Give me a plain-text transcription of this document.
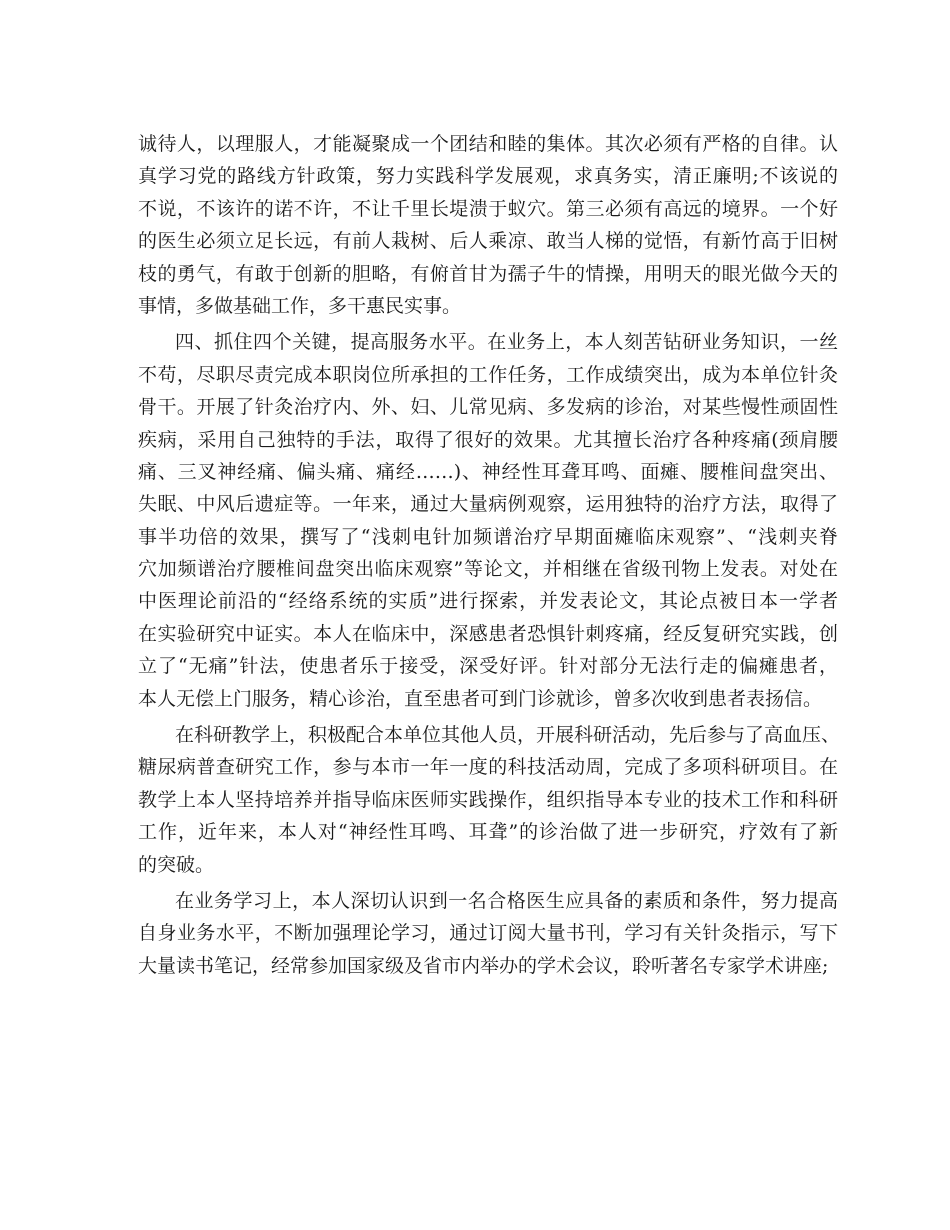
诚待人，以理服人，才能凝聚成一个团结和睦的集体。其次必须有严格的自律。认
真学习党的路线方针政策，努力实践科学发展观，求真务实，清正廉明;不该说的
不说，不该许的诺不许，不让千里长堤溃于蚁穴。第三必须有高远的境界。一个好
的医生必须立足长远，有前人栽树、后人乘凉、敢当人梯的觉悟，有新竹高于旧树
枝的勇气，有敢于创新的胆略，有俯首甘为孺子牛的情操，用明天的眼光做今天的
事情，多做基础工作，多干惠民实事。
四、抓住四个关键，提高服务水平。在业务上，本人刻苦钻研业务知识，一丝
不苟，尽职尽责完成本职岗位所承担的工作任务，工作成绩突出，成为本单位针灸
骨干。开展了针灸治疗内、外、妇、儿常见病、多发病的诊治，对某些慢性顽固性
疾病，采用自己独特的手法，取得了很好的效果。尤其擅长治疗各种疼痛(颈肩腰
痛、三叉神经痛、偏头痛、痛经……)、神经性耳聋耳鸣、面瘫、腰椎间盘突出、
失眠、中风后遗症等。一年来，通过大量病例观察，运用独特的治疗方法，取得了
事半功倍的效果，撰写了“浅刺电针加频谱治疗早期面瘫临床观察”、“浅刺夹脊
穴加频谱治疗腰椎间盘突出临床观察”等论文，并相继在省级刊物上发表。对处在
中医理论前沿的“经络系统的实质”进行探索，并发表论文，其论点被日本一学者
在实验研究中证实。本人在临床中，深感患者恐惧针刺疼痛，经反复研究实践，创
立了“无痛”针法，使患者乐于接受，深受好评。针对部分无法行走的偏瘫患者，
本人无偿上门服务，精心诊治，直至患者可到门诊就诊，曾多次收到患者表扬信。
在科研教学上，积极配合本单位其他人员，开展科研活动，先后参与了高血压、
糖尿病普查研究工作，参与本市一年一度的科技活动周，完成了多项科研项目。在
教学上本人坚持培养并指导临床医师实践操作，组织指导本专业的技术工作和科研
工作，近年来，本人对“神经性耳鸣、耳聋”的诊治做了进一步研究，疗效有了新
的突破。
在业务学习上，本人深切认识到一名合格医生应具备的素质和条件，努力提高
自身业务水平，不断加强理论学习，通过订阅大量书刊，学习有关针灸指示，写下
大量读书笔记，经常参加国家级及省市内举办的学术会议，聆听著名专家学术讲座;
